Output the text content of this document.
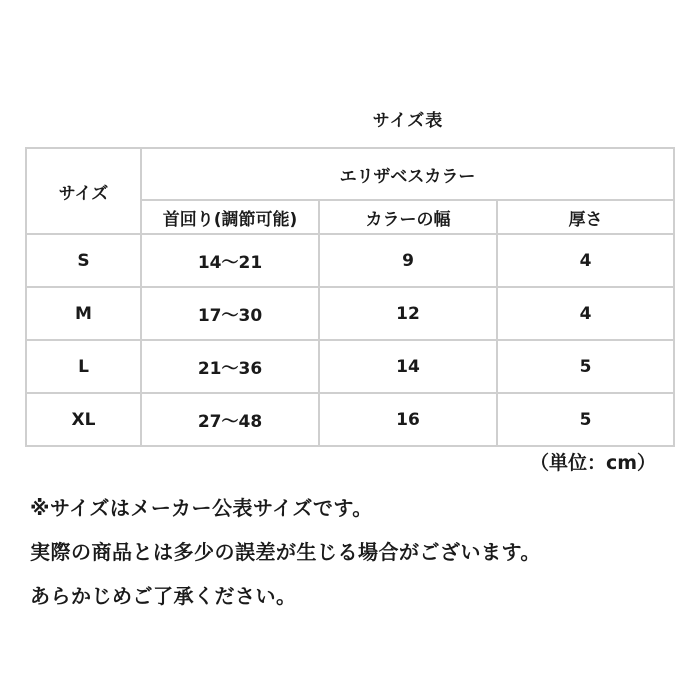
サイズ表
サイズ	エリザベスカラー		
	首回り(調節可能)	カラーの幅	厚さ
S	14～21	9	4
M	17～30	12	4
L	21～36	14	5
XL	27～48	16	5
（単位：cm）
※サイズはメーカー公表サイズです。
実際の商品とは多少の誤差が生じる場合がございます。
あらかじめご了承ください。
